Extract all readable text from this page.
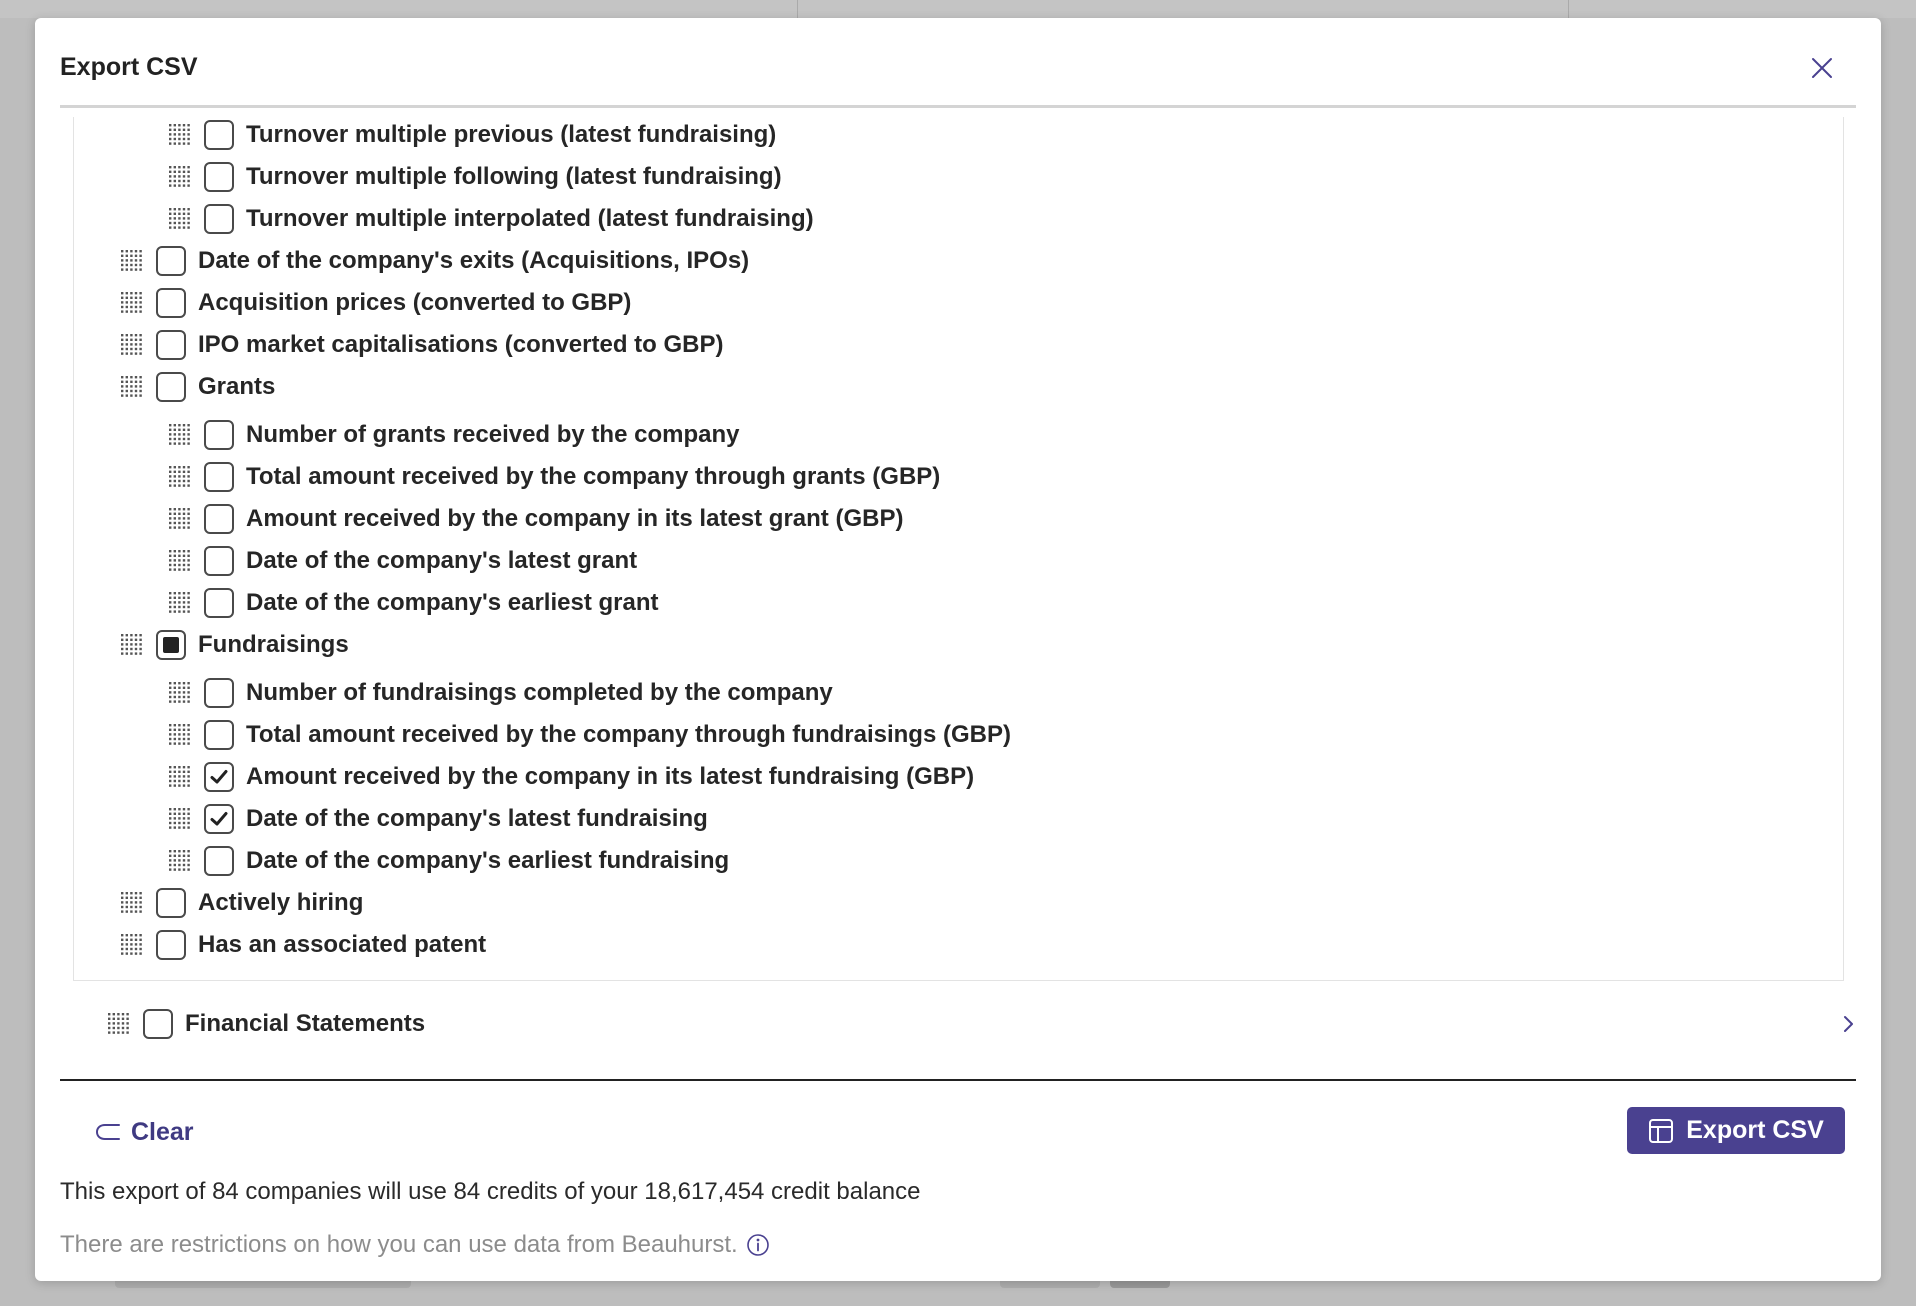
Export CSV
Turnover multiple previous (latest fundraising)
Turnover multiple following (latest fundraising)
Turnover multiple interpolated (latest fundraising)
Date of the company's exits (Acquisitions, IPOs)
Acquisition prices (converted to GBP)
IPO market capitalisations (converted to GBP)
Grants
Number of grants received by the company
Total amount received by the company through grants (GBP)
Amount received by the company in its latest grant (GBP)
Date of the company's latest grant
Date of the company's earliest grant
Fundraisings
Number of fundraisings completed by the company
Total amount received by the company through fundraisings (GBP)
Amount received by the company in its latest fundraising (GBP)
Date of the company's latest fundraising
Date of the company's earliest fundraising
Actively hiring
Has an associated patent
Financial Statements
Clear	Export CSV
This export of 84 companies will use 84 credits of your 18,617,454 credit balance
There are restrictions on how you can use data from Beauhurst.
